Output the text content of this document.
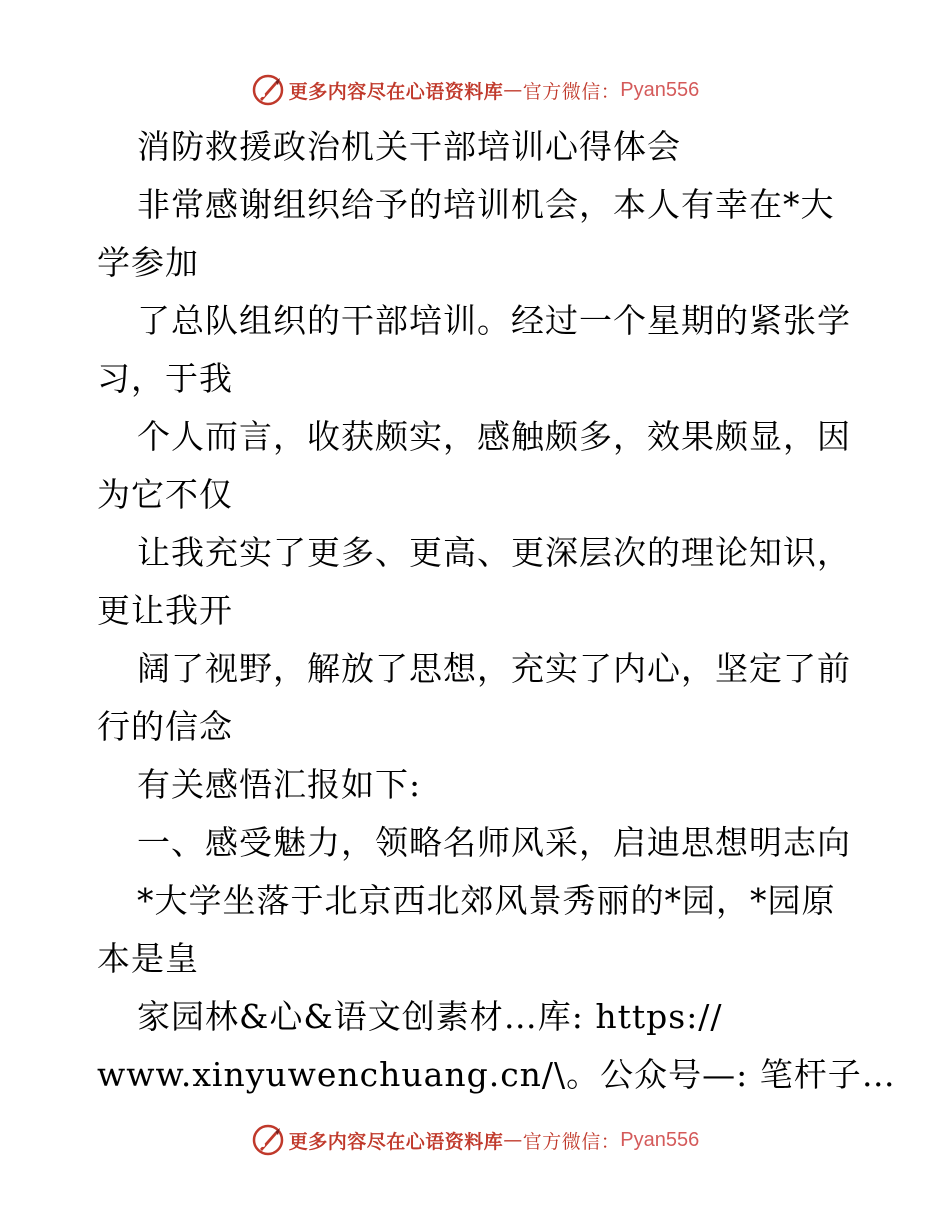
更多内容尽在心语资料库 — 官方微信： Pyan556
消防救援政治机关干部培训心得体会
非常感谢组织给予的培训机会，本人有幸在*大
学参加
了总队组织的干部培训。经过一个星期的紧张学
习，于我
个人而言，收获颇实，感触颇多，效果颇显，因
为它不仅
让我充实了更多、更高、更深层次的理论知识，
更让我开
阔了视野，解放了思想，充实了内心，坚定了前
行的信念
有关感悟汇报如下:
一、感受魅力，领略名师风采，启迪思想明志向
*大学坐落于北京西北郊风景秀丽的*园，*园原
本是皇
家园林&心&语文创素材…库: https://
www.xinyuwenchuang.cn/\。公众号—: 笔杆子…
更多内容尽在心语资料库 — 官方微信： Pyan556
